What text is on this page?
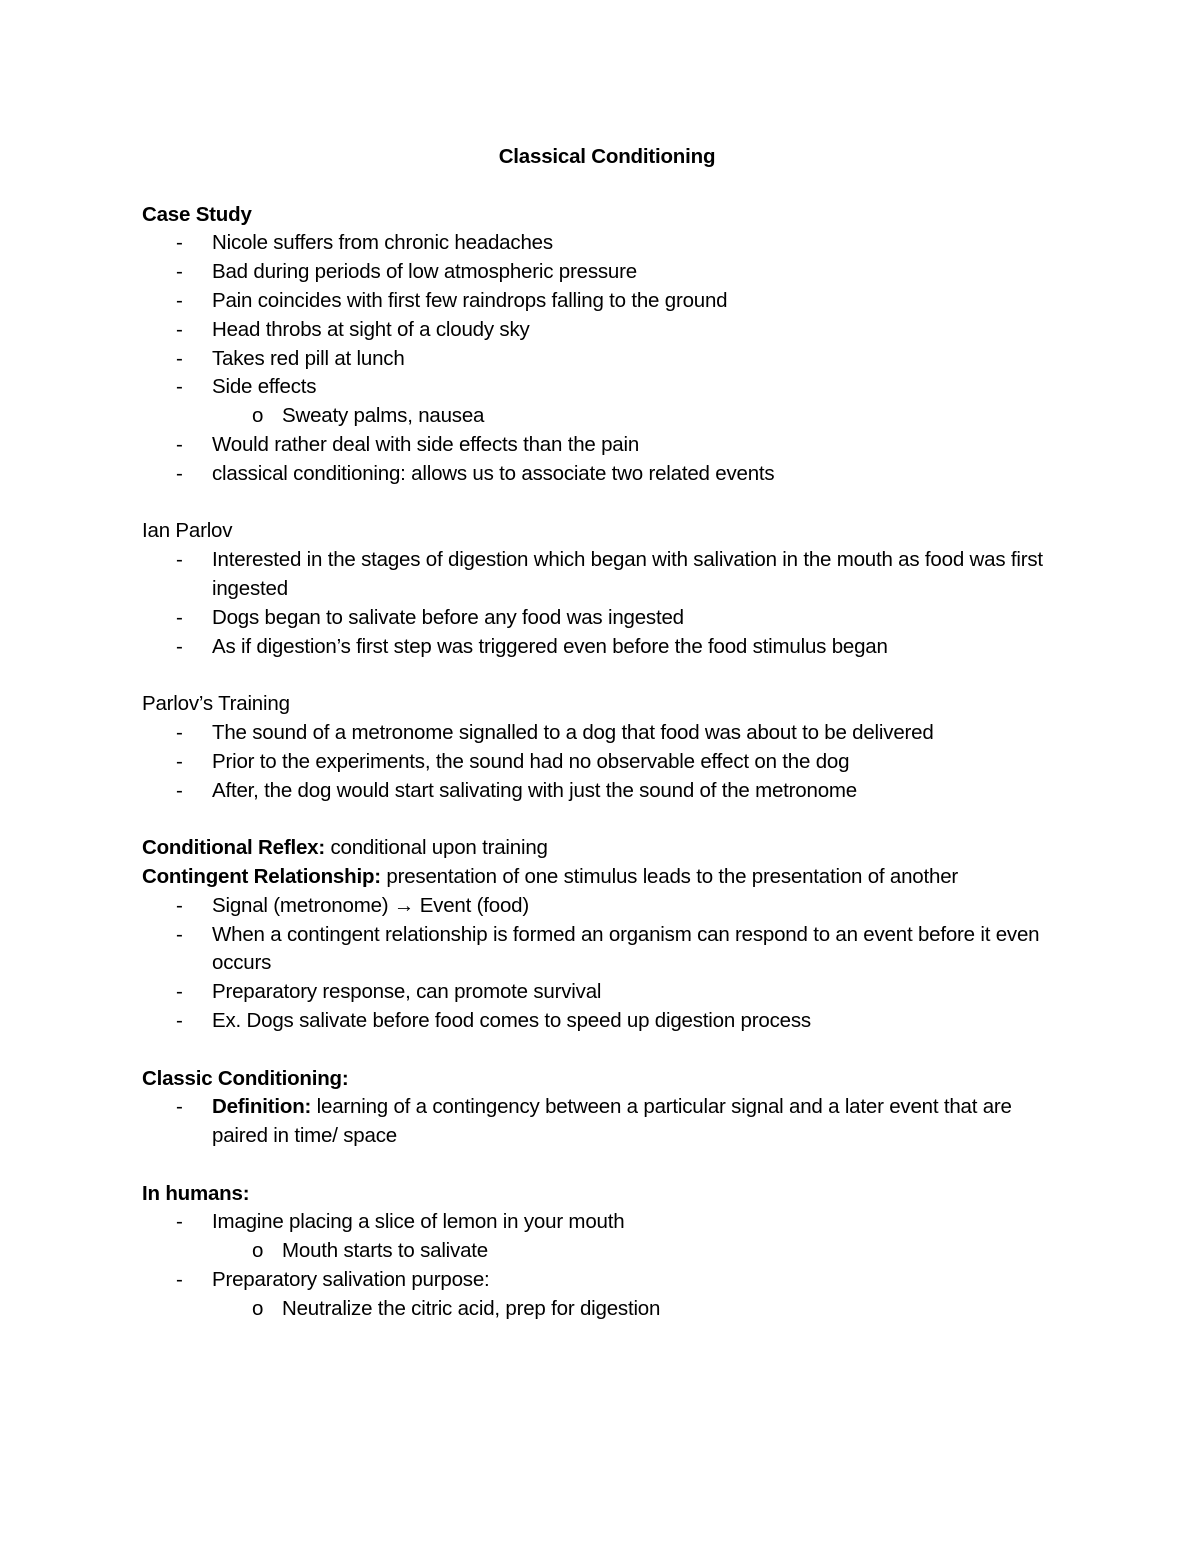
Classical Conditioning
Case Study
- Nicole suffers from chronic headaches
- Bad during periods of low atmospheric pressure
- Pain coincides with first few raindrops falling to the ground
- Head throbs at sight of a cloudy sky
- Takes red pill at lunch
- Side effects
o Sweaty palms, nausea
- Would rather deal with side effects than the pain
- classical conditioning: allows us to associate two related events
Ian Parlov
- Interested in the stages of digestion which began with salivation in the mouth as food was first ingested
- Dogs began to salivate before any food was ingested
- As if digestion’s first step was triggered even before the food stimulus began
Parlov’s Training
- The sound of a metronome signalled to a dog that food was about to be delivered
- Prior to the experiments, the sound had no observable effect on the dog
- After, the dog would start salivating with just the sound of the metronome
Conditional Reflex: conditional upon training
Contingent Relationship: presentation of one stimulus leads to the presentation of another
- Signal (metronome) → Event (food)
- When a contingent relationship is formed an organism can respond to an event before it even occurs
- Preparatory response, can promote survival
- Ex. Dogs salivate before food comes to speed up digestion process
Classic Conditioning:
- Definition: learning of a contingency between a particular signal and a later event that are paired in time/ space
In humans:
- Imagine placing a slice of lemon in your mouth
o Mouth starts to salivate
- Preparatory salivation purpose:
o Neutralize the citric acid, prep for digestion
